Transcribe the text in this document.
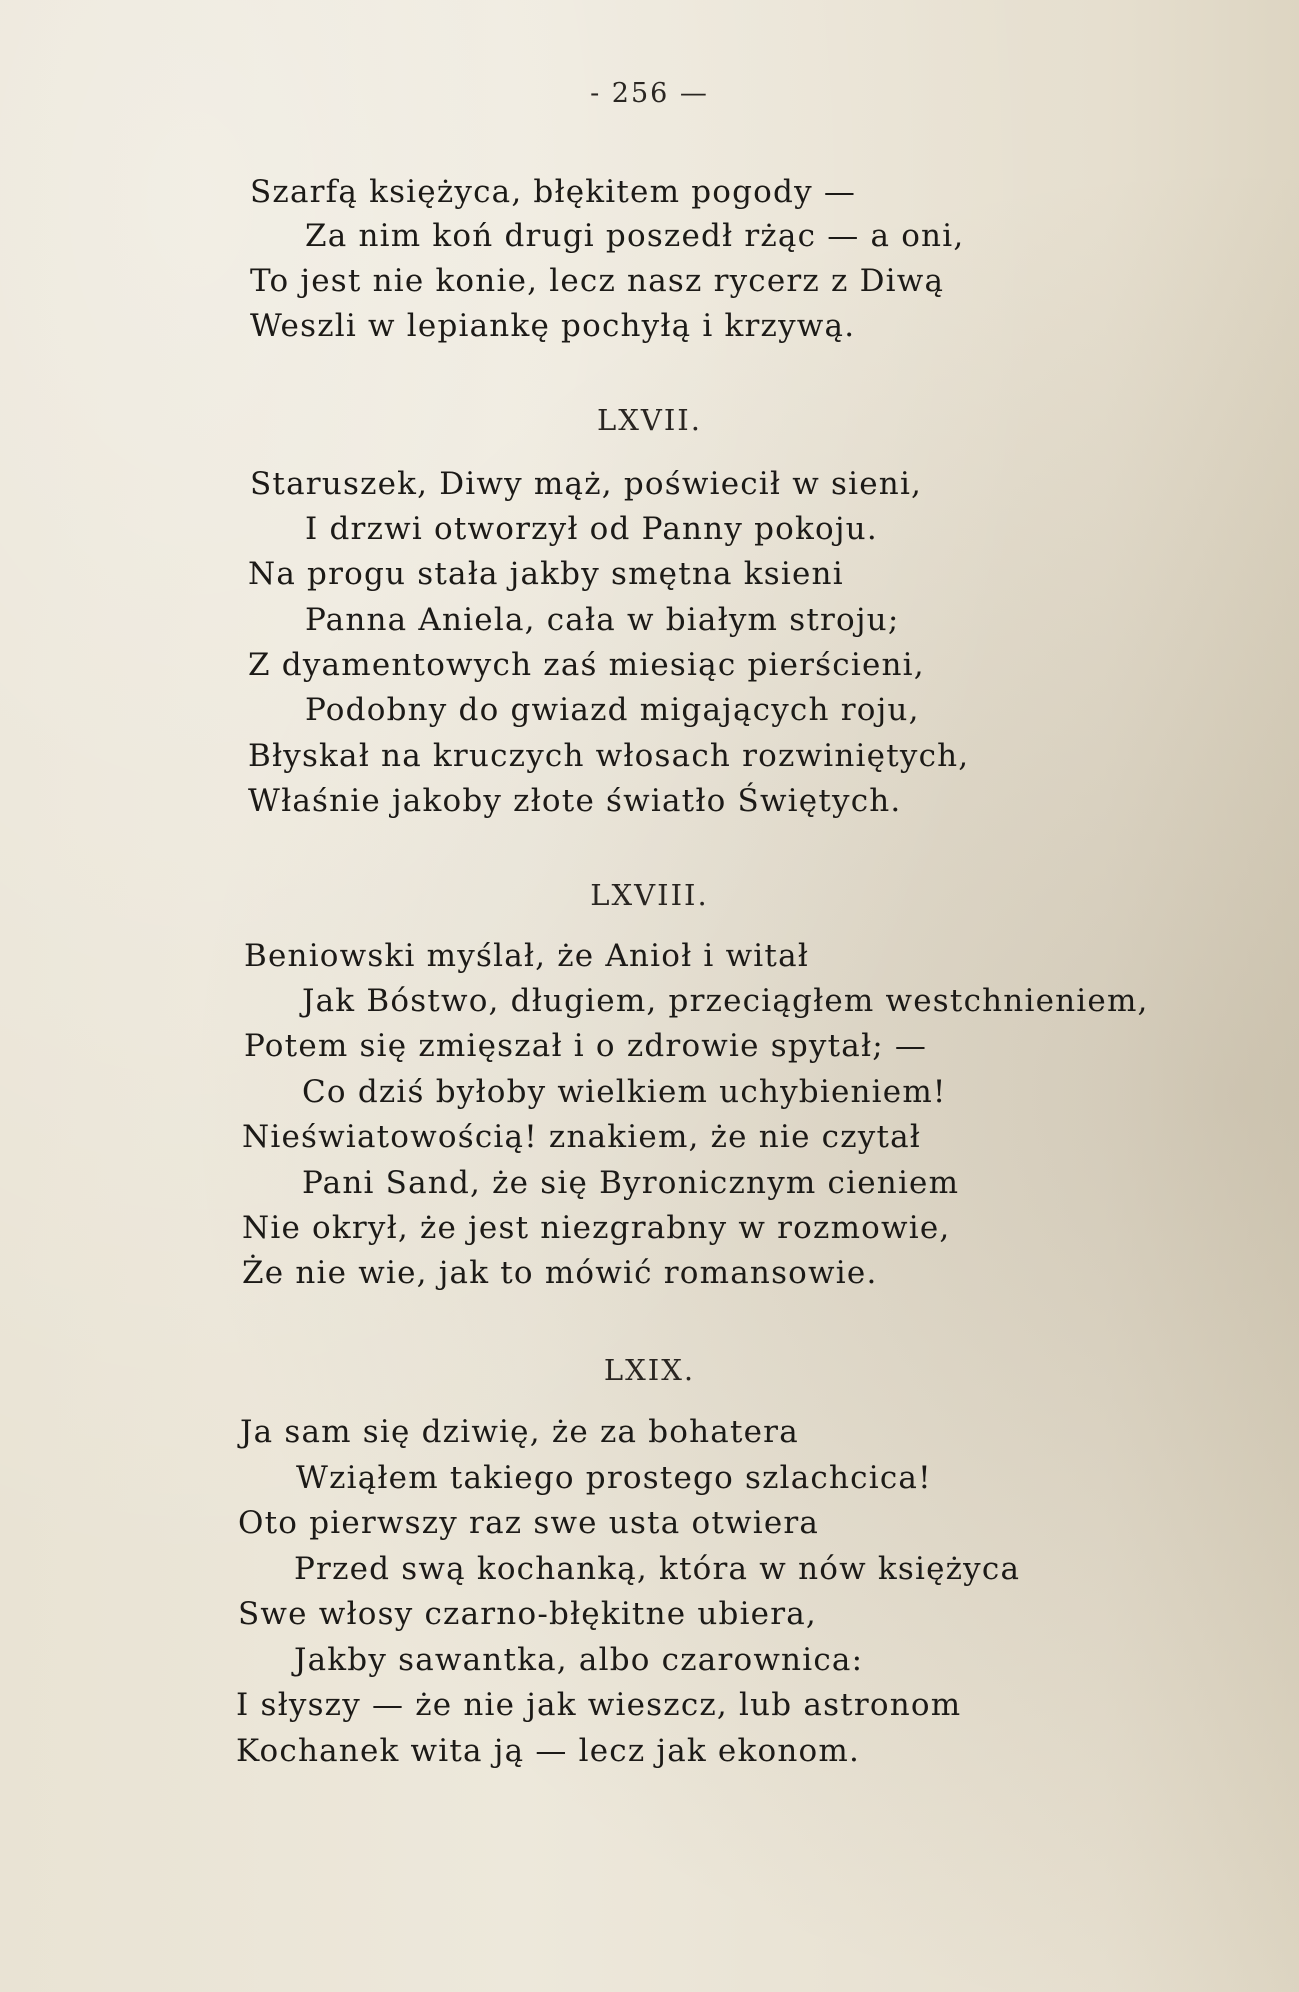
- 256 —
Szarfą księżyca, błękitem pogody —
Za nim koń drugi poszedł rżąc — a oni,
To jest nie konie, lecz nasz rycerz z Diwą
Weszli w lepiankę pochyłą i krzywą.
LXVII.
Staruszek, Diwy mąż, poświecił w sieni,
I drzwi otworzył od Panny pokoju.
Na progu stała jakby smętna ksieni
Panna Aniela, cała w białym stroju;
Z dyamentowych zaś miesiąc pierścieni,
Podobny do gwiazd migających roju,
Błyskał na kruczych włosach rozwiniętych,
Właśnie jakoby złote światło Świętych.
LXVIII.
Beniowski myślał, że Anioł i witał
Jak Bóstwo, długiem, przeciągłem westchnieniem,
Potem się zmięszał i o zdrowie spytał; —
Co dziś byłoby wielkiem uchybieniem!
Nieświatowością! znakiem, że nie czytał
Pani Sand, że się Byronicznym cieniem
Nie okrył, że jest niezgrabny w rozmowie,
Że nie wie, jak to mówić romansowie.
LXIX.
Ja sam się dziwię, że za bohatera
Wziąłem takiego prostego szlachcica!
Oto pierwszy raz swe usta otwiera
Przed swą kochanką, która w nów księżyca
Swe włosy czarno-błękitne ubiera,
Jakby sawantka, albo czarownica:
I słyszy — że nie jak wieszcz, lub astronom
Kochanek wita ją — lecz jak ekonom.
